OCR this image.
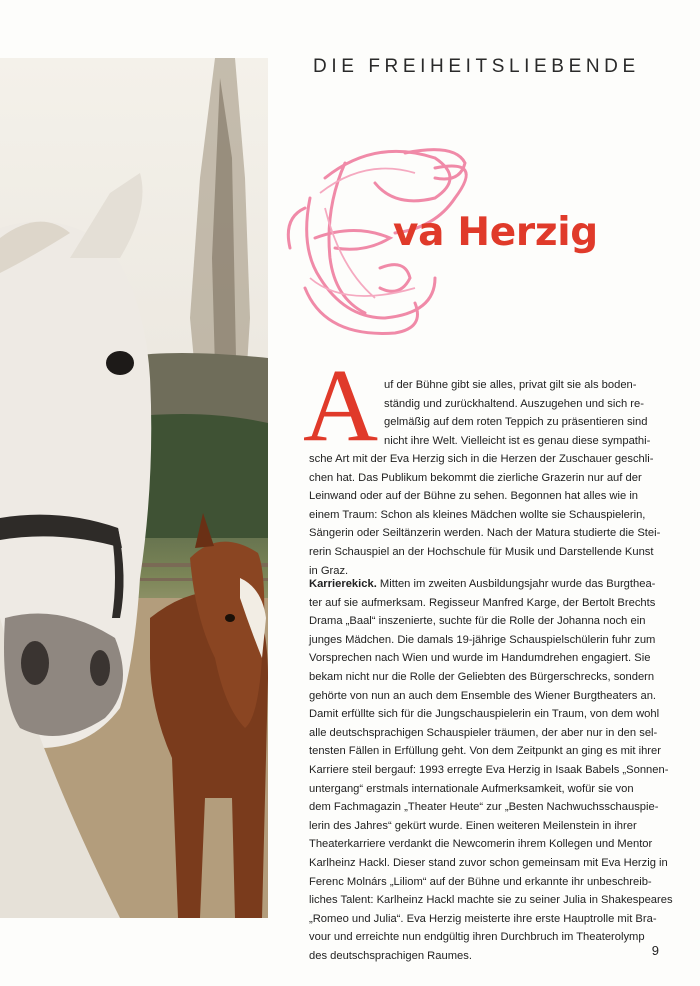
DIE FREIHEITSLIEBENDE
va Herzig
A uf der Bühne gibt sie alles, privat gilt sie als boden-
ständig und zurückhaltend. Auszugehen und sich re-
gelmäßig auf dem roten Teppich zu präsentieren sind
nicht ihre Welt. Vielleicht ist es genau diese sympathi-
sche Art mit der Eva Herzig sich in die Herzen der Zuschauer geschli-
chen hat. Das Publikum bekommt die zierliche Grazerin nur auf der
Leinwand oder auf der Bühne zu sehen. Begonnen hat alles wie in
einem Traum: Schon als kleines Mädchen wollte sie Schauspielerin,
Sängerin oder Seiltänzerin werden. Nach der Matura studierte die Stei-
rerin Schauspiel an der Hochschule für Musik und Darstellende Kunst
in Graz.
Karrierekick. Mitten im zweiten Ausbildungsjahr wurde das Burgthea-
ter auf sie aufmerksam. Regisseur Manfred Karge, der Bertolt Brechts
Drama „Baal“ inszenierte, suchte für die Rolle der Johanna noch ein
junges Mädchen. Die damals 19-jährige Schauspielschülerin fuhr zum
Vorsprechen nach Wien und wurde im Handumdrehen engagiert. Sie
bekam nicht nur die Rolle der Geliebten des Bürgerschrecks, sondern
gehörte von nun an auch dem Ensemble des Wiener Burgtheaters an.
Damit erfüllte sich für die Jungschauspielerin ein Traum, von dem wohl
alle deutschsprachigen Schauspieler träumen, der aber nur in den sel-
tensten Fällen in Erfüllung geht. Von dem Zeitpunkt an ging es mit ihrer
Karriere steil bergauf: 1993 erregte Eva Herzig in Isaak Babels „Sonnen-
untergang“ erstmals internationale Aufmerksamkeit, wofür sie von
dem Fachmagazin „Theater Heute“ zur „Besten Nachwuchsschauspie-
lerin des Jahres“ gekürt wurde. Einen weiteren Meilenstein in ihrer
Theaterkarriere verdankt die Newcomerin ihrem Kollegen und Mentor
Karlheinz Hackl. Dieser stand zuvor schon gemeinsam mit Eva Herzig in
Ferenc Molnárs „Liliom“ auf der Bühne und erkannte ihr unbeschreib-
liches Talent: Karlheinz Hackl machte sie zu seiner Julia in Shakespeares
„Romeo und Julia“. Eva Herzig meisterte ihre erste Hauptrolle mit Bra-
vour und erreichte nun endgültig ihren Durchbruch im Theaterolymp
des deutschsprachigen Raumes.	9
